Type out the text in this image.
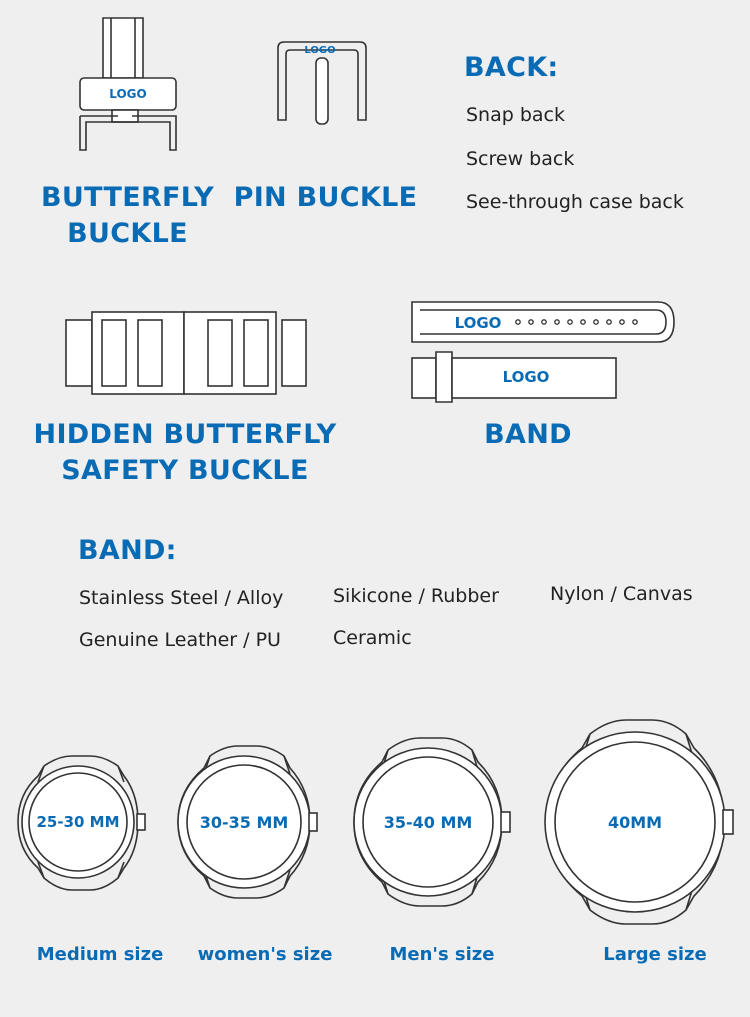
LOGO
LOGO
BUTTERFLY
BUCKLE
PIN BUCKLE
BACK:
Snap back
Screw back
See-through case back
HIDDEN BUTTERFLY
SAFETY BUCKLE
LOGO
LOGO
BAND
BAND:
Stainless Steel / Alloy
Genuine Leather / PU
Sikicone / Rubber
Ceramic
Nylon / Canvas
25-30 MM	30-35 MM	35-40 MM	40MM
Medium size	women's size	Men's size	Large size
